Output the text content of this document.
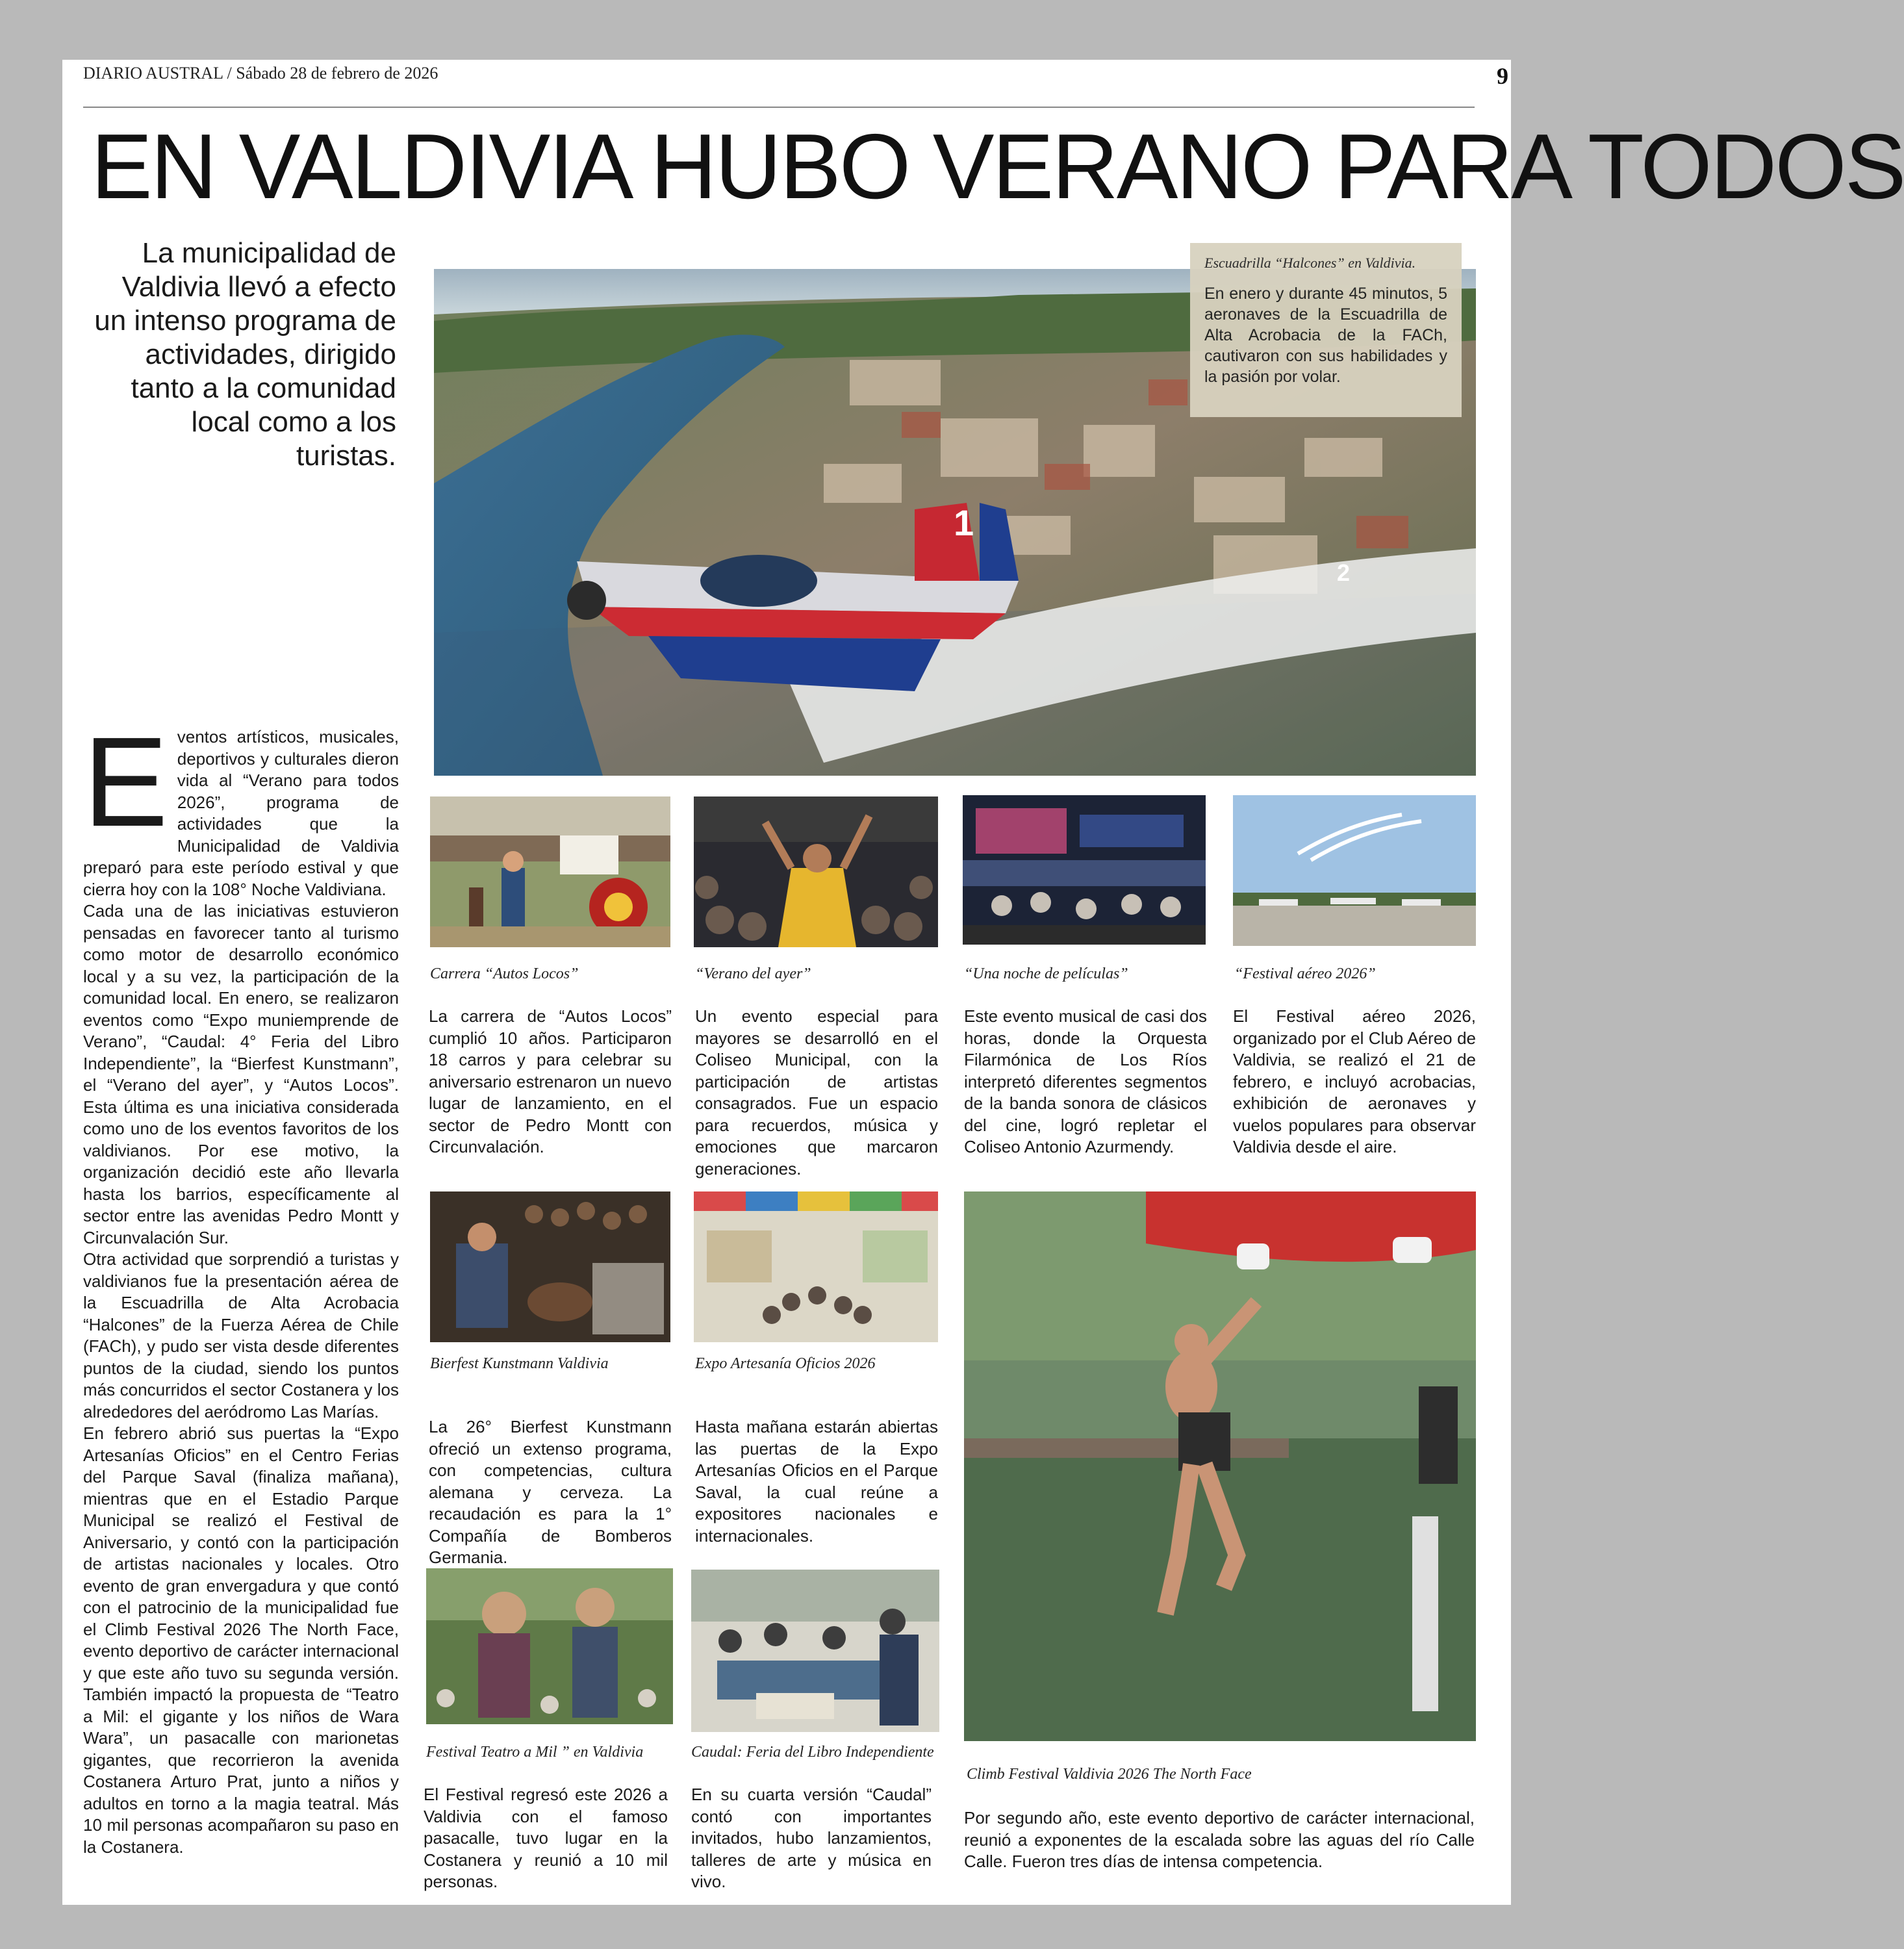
DIARIO AUSTRAL / Sábado 28 de febrero de 2026	9
EN VALDIVIA HUBO VERANO PARA TODOS
La municipalidad de Valdivia llevó a efecto un intenso programa de actividades, dirigido tanto a la comunidad local como a los turistas.
1
2
Escuadrilla “Halcones” en Valdivia.
En enero y durante 45 minutos, 5 aeronaves de la Escuadrilla de Alta Acrobacia de la FACh, cautivaron con sus habilidades y la pasión por volar.
E ventos artísticos, musicales, deportivos y culturales dieron vida al “Verano para todos 2026”, programa de actividades que la Municipalidad de Valdivia preparó para este período estival y que cierra hoy con la 108° Noche Valdiviana.

Cada una de las iniciativas estuvieron pensadas en favorecer tanto al turismo como motor de desarrollo económico local y a su vez, la participación de la comunidad local. En enero, se realizaron eventos como “Expo muniemprende de Verano”, “Caudal: 4° Feria del Libro Independiente”, la “Bierfest Kunstmann”, el “Verano del ayer”, y “Autos Locos”. Esta última es una iniciativa considerada como uno de los eventos favoritos de los valdivianos. Por ese motivo, la organización decidió este año llevarla hasta los barrios, específicamente al sector entre las avenidas Pedro Montt y Circunvalación Sur.

Otra actividad que sorprendió a turistas y valdivianos fue la presentación aérea de la Escuadrilla de Alta Acrobacia “Halcones” de la Fuerza Aérea de Chile (FACh), y pudo ser vista desde diferentes puntos de la ciudad, siendo los puntos más concurridos el sector Costanera y los alrededores del aeródromo Las Marías.

En febrero abrió sus puertas la “Expo Artesanías Oficios” en el Centro Ferias del Parque Saval (finaliza mañana), mientras que en el Estadio Parque Municipal se realizó el Festival de Aniversario, y contó con la participación de artistas nacionales y locales. Otro evento de gran envergadura y que contó con el patrocinio de la municipalidad fue el Climb Festival 2026 The North Face, evento deportivo de carácter internacional y que este año tuvo su segunda versión. También impactó la propuesta de “Teatro a Mil: el gigante y los niños de Wara Wara”, un pasacalle con marionetas gigantes, que recorrieron la avenida Costanera Arturo Prat, junto a niños y adultos en torno a la magia teatral. Más 10 mil personas acompañaron su paso en la Costanera.

Carrera “Autos Locos”	“Verano del ayer”	“Una noche de películas”	“Festival aéreo 2026”
La carrera de “Autos Locos” cumplió 10 años. Participaron 18 carros y para celebrar su aniversario estrenaron un nuevo lugar de lanzamiento, en el sector de Pedro Montt con Circunvalación.
Un evento especial para mayores se desarrolló en el Coliseo Municipal, con la participación de artistas consagrados. Fue un espacio para recuerdos, música y emociones que marcaron generaciones.
Este evento musical de casi dos horas, donde la Orquesta Filarmónica de Los Ríos interpretó diferentes segmentos de la banda sonora de clásicos del cine, logró repletar el Coliseo Antonio Azurmendy.
El Festival aéreo 2026, organizado por el Club Aéreo de Valdivia, se realizó el 21 de febrero, e incluyó acrobacias, exhibición de aeronaves y vuelos populares para observar Valdivia desde el aire.
Bierfest Kunstmann Valdivia	Expo Artesanía Oficios 2026
La 26° Bierfest Kunstmann ofreció un extenso programa, con competencias, cultura alemana y cerveza. La recaudación es para la 1° Compañía de Bomberos Germania.
Hasta mañana estarán abiertas las puertas de la Expo Artesanías Oficios en el Parque Saval, la cual reúne a expositores nacionales e internacionales.
Festival Teatro a Mil ” en Valdivia	Caudal: Feria del Libro Independiente
Climb Festival Valdivia 2026 The North Face
El Festival regresó este 2026 a Valdivia con el famoso pasacalle, tuvo lugar en la Costanera y reunió a 10 mil personas.
En su cuarta versión “Caudal” contó con importantes invitados, hubo lanzamientos, talleres de arte y música en vivo.
Por segundo año, este evento deportivo de carácter internacional, reunió a exponentes de la escalada sobre las aguas del río Calle Calle. Fueron tres días de intensa competencia.
